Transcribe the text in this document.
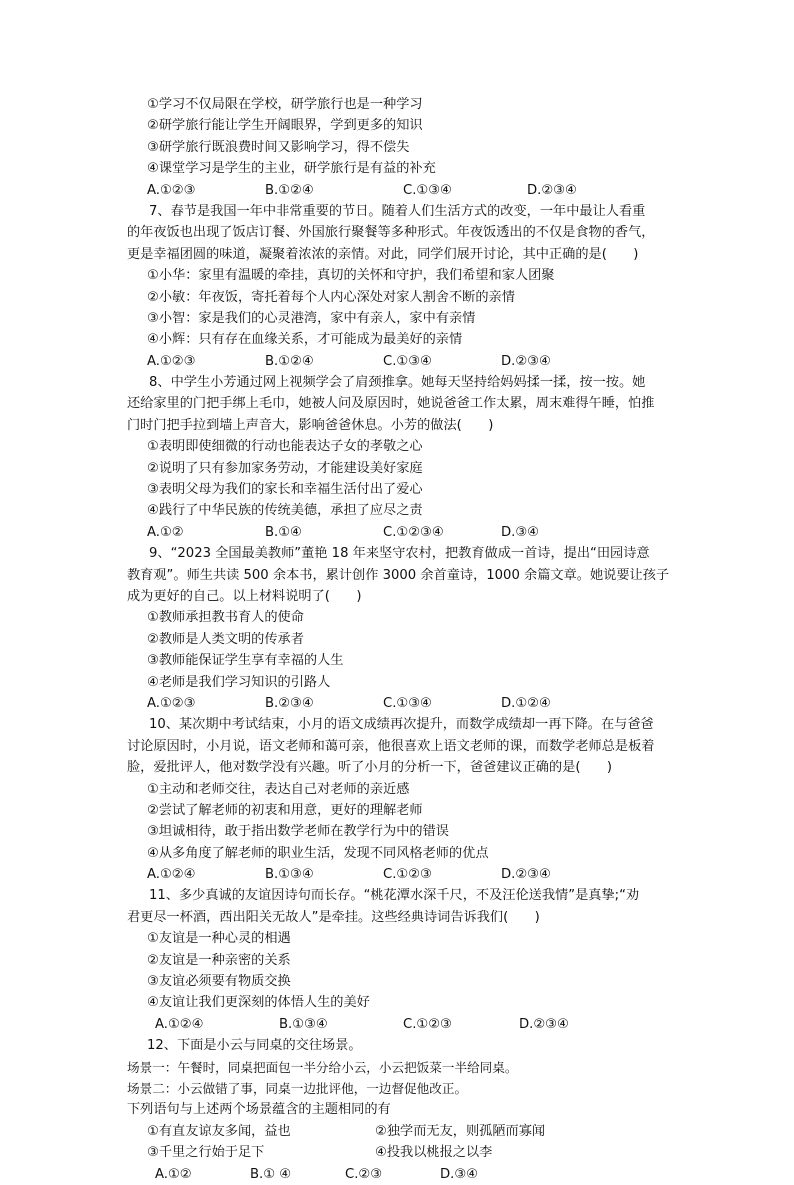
①学习不仅局限在学校，研学旅行也是一种学习
②研学旅行能让学生开阔眼界，学到更多的知识
③研学旅行既浪费时间又影响学习，得不偿失
④课堂学习是学生的主业，研学旅行是有益的补充
A.①②③	B.①②④	C.①③④	D.②③④
7、春节是我国一年中非常重要的节日。随着人们生活方式的改变，一年中最让人看重
的年夜饭也出现了饭店订餐、外国旅行聚餐等多种形式。年夜饭透出的不仅是食物的香气，
更是幸福团圆的味道，凝聚着浓浓的亲情。对此，同学们展开讨论，其中正确的是(　　)
①小华：家里有温暖的牵挂，真切的关怀和守护，我们希望和家人团聚
②小敏：年夜饭，寄托着每个人内心深处对家人割舍不断的亲情
③小智：家是我们的心灵港湾，家中有亲人，家中有亲情
④小辉：只有存在血缘关系，才可能成为最美好的亲情
A.①②③	B.①②④	C.①③④	D.②③④
8、中学生小芳通过网上视频学会了肩颈推拿。她每天坚持给妈妈揉一揉，按一按。她
还给家里的门把手绑上毛巾，她被人问及原因时，她说爸爸工作太累，周末难得午睡，怕推
门时门把手拉到墙上声音大，影响爸爸休息。小芳的做法(　　)
①表明即使细微的行动也能表达子女的孝敬之心
②说明了只有参加家务劳动，才能建设美好家庭
③表明父母为我们的家长和幸福生活付出了爱心
④践行了中华民族的传统美德，承担了应尽之责
A.①②	B.①④	C.①②③④	D.③④
9、“2023 全国最美教师”董艳 18 年来坚守农村，把教育做成一首诗，提出“田园诗意
教育观”。师生共读 500 余本书，累计创作 3000 余首童诗，1000 余篇文章。她说要让孩子
成为更好的自己。以上材料说明了(　　)
①教师承担教书育人的使命
②教师是人类文明的传承者
③教师能保证学生享有幸福的人生
④老师是我们学习知识的引路人
A.①②③	B.②③④	C.①③④	D.①②④
10、某次期中考试结束，小月的语文成绩再次提升，而数学成绩却一再下降。在与爸爸
讨论原因时，小月说，语文老师和蔼可亲，他很喜欢上语文老师的课，而数学老师总是板着
脸，爱批评人，他对数学没有兴趣。听了小月的分析一下，爸爸建议正确的是(　　)
①主动和老师交往，表达自己对老师的亲近感
②尝试了解老师的初衷和用意，更好的理解老师
③坦诚相待，敢于指出数学老师在教学行为中的错误
④从多角度了解老师的职业生活，发现不同风格老师的优点
A.①②④	B.①③④	C.①②③	D.②③④
11、多少真诚的友谊因诗句而长存。“桃花潭水深千尺，不及汪伦送我情”是真挚;“劝
君更尽一杯酒，西出阳关无故人”是牵挂。这些经典诗词告诉我们(　　)
①友谊是一种心灵的相遇
②友谊是一种亲密的关系
③友谊必须要有物质交换
④友谊让我们更深刻的体悟人生的美好
A.①②④	B.①③④	C.①②③	D.②③④
12、下面是小云与同桌的交往场景。
场景一：午餐时，同桌把面包一半分给小云，小云把饭菜一半给同桌。
场景二：小云做错了事，同桌一边批评他，一边督促他改正。
下列语句与上述两个场景蕴含的主题相同的有
①有直友谅友多闻，益也	②独学而无友，则孤陋而寡闻
③千里之行始于足下	④投我以桃报之以李
A.①②	B.① ④	C.②③	D.③④
